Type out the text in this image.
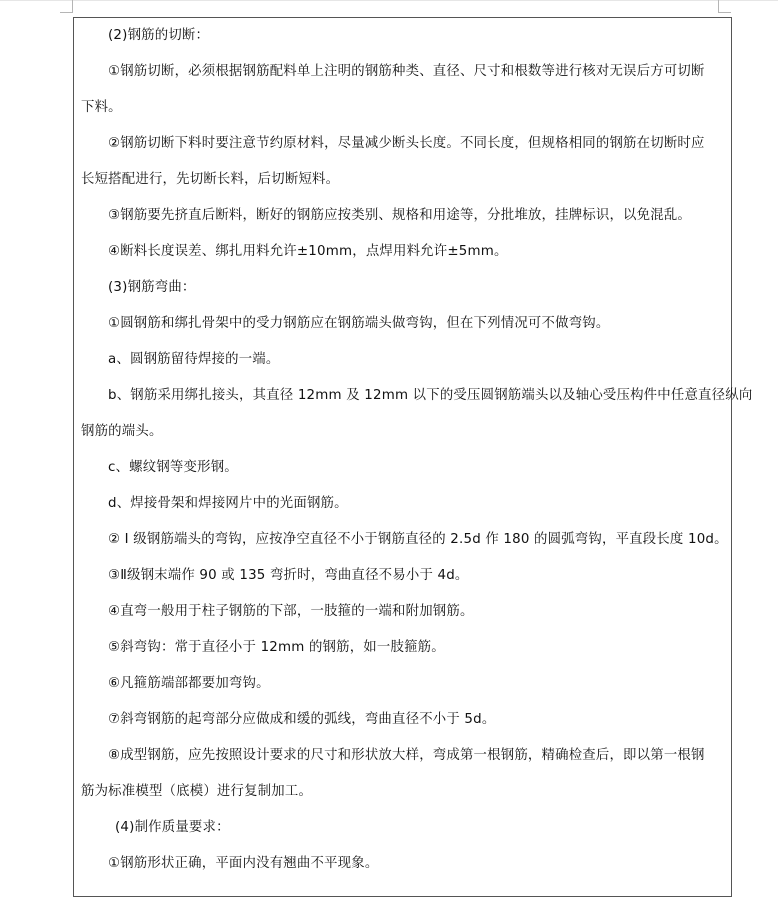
(2)钢筋的切断：
①钢筋切断，必须根据钢筋配料单上注明的钢筋种类、直径、尺寸和根数等进行核对无误后方可切断
下料。
②钢筋切断下料时要注意节约原材料，尽量减少断头长度。不同长度，但规格相同的钢筋在切断时应
长短搭配进行，先切断长料，后切断短料。
③钢筋要先挤直后断料，断好的钢筋应按类别、规格和用途等，分批堆放，挂牌标识，以免混乱。
④断料长度误差、绑扎用料允许±10mm，点焊用料允许±5mm。
(3)钢筋弯曲：
①圆钢筋和绑扎骨架中的受力钢筋应在钢筋端头做弯钩，但在下列情况可不做弯钩。
a、圆钢筋留待焊接的一端。
b、钢筋采用绑扎接头，其直径 12mm 及 12mm 以下的受压圆钢筋端头以及轴心受压构件中任意直径纵向
钢筋的端头。
c、螺纹钢等变形钢。
d、焊接骨架和焊接网片中的光面钢筋。
② I 级钢筋端头的弯钩，应按净空直径不小于钢筋直径的 2.5d 作 180 的圆弧弯钩，平直段长度 10d。
③Ⅱ级钢末端作 90 或 135 弯折时，弯曲直径不易小于 4d。
④直弯一般用于柱子钢筋的下部，一肢箍的一端和附加钢筋。
⑤斜弯钩：常于直径小于 12mm 的钢筋，如一肢箍筋。
⑥凡箍筋端部都要加弯钩。
⑦斜弯钢筋的起弯部分应做成和缓的弧线，弯曲直径不小于 5d。
⑧成型钢筋，应先按照设计要求的尺寸和形状放大样，弯成第一根钢筋，精确检查后，即以第一根钢
筋为标准模型（底模）进行复制加工。
(4)制作质量要求：
①钢筋形状正确，平面内没有翘曲不平现象。
